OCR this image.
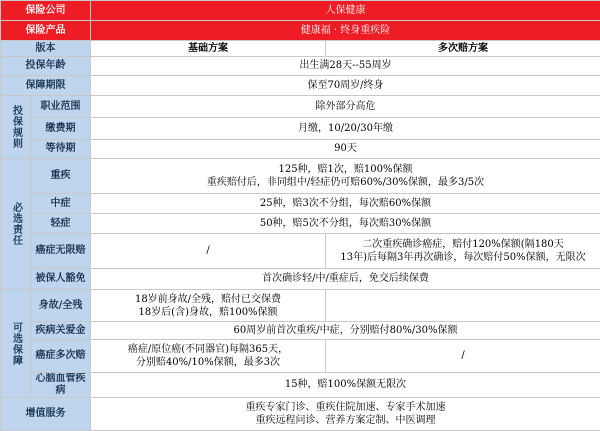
保险公司		人保健康	
保险产品		健康福 · 终身重疾险	
版本		基础方案	多次赔方案
投保年龄		出生满28天--55周岁	
保障期限		保至70周岁/终身	
投保规则	职业范围	除外部分高危	
	缴费期	月缴，10/20/30年缴	
	等待期	90天	
必选责任	重疾	125种，赔1次，赔100%保额
重疾赔付后，非同组中/轻症仍可赔60%/30%保额，最多3/5次	

	中症	25种，赔3次不分组，每次赔60%保额	
	轻症	50种，赔5次不分组，每次赔30%保额	
	癌症无限赔	/	二次重疾确诊癌症，赔付120%保额(隔180天
13年)后每隔3年再次确诊，每次赔付50%保额，无限次

	被保人豁免	首次确诊轻/中/重症后，免交后续保费	
可选保障	身故/全残	18岁前身故/全残，赔付已交保费
18岁后(含)身故，赔100%保额	

	疾病关爱金	60周岁前首次重疾/中症，分别赔付80%/30%保额	
	癌症多次赔	癌症/原位癌(不同器官)每隔365天，
分别赔40%/10%保额，最多3次	/
	心脑血管疾病	15种，赔100%保额无限次	
增值服务		重疾专家门诊、重疾住院加速、专家手术加速
重疾远程问诊、营养方案定制、中医调理	
